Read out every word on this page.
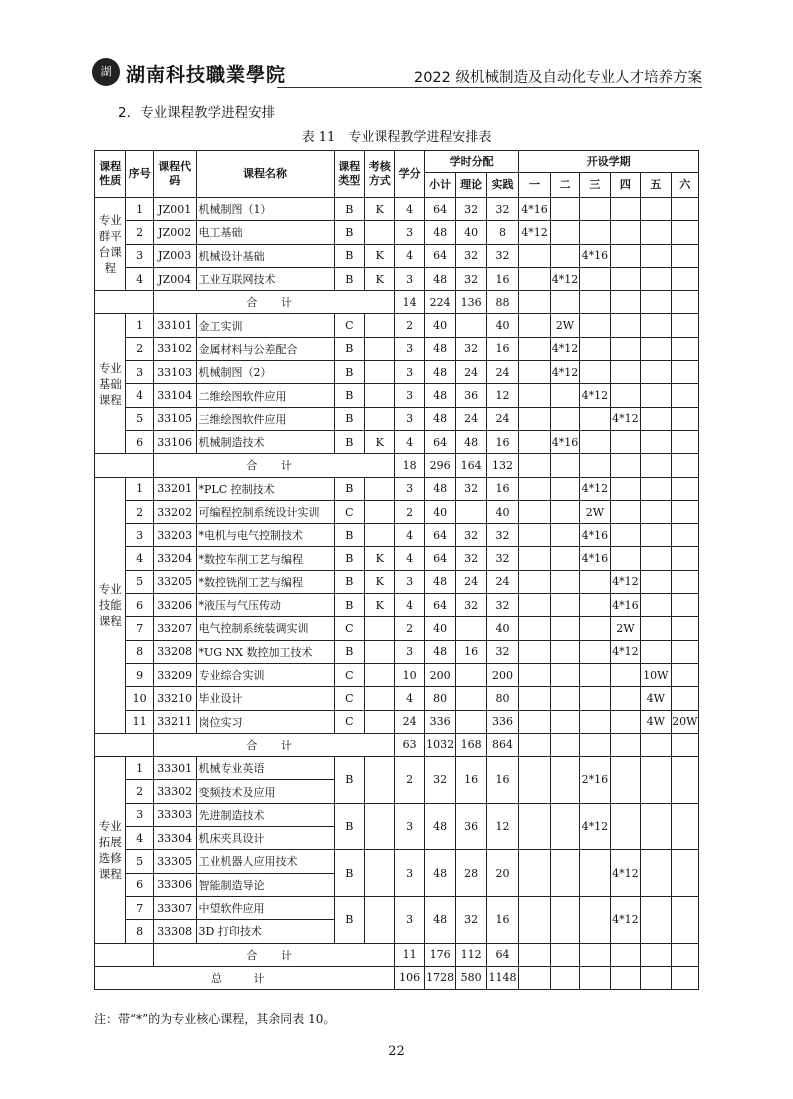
湖 湖南科技職業學院	2022 级机械制造及自动化专业人才培养方案
2．专业课程教学进程安排
表 11　专业课程教学进程安排表
课程性质	序号	课程代码	课程名称	课程类型	考核方式	学分	学时分配			开设学期					
							小计	理论	实践	一	二	三	四	五	六
专业群平台课程	1	JZ001	机械制图（1）	B	K	4	64	32	32	4*16					
	2	JZ002	电工基础	B		3	48	40	8	4*12					
	3	JZ003	机械设计基础	B	K	4	64	32	32			4*16			
	4	JZ004	工业互联网技术	B	K	3	48	32	16		4*12				
		合 计				14	224	136	88						
专业基础课程	1	33101	金工实训	C		2	40		40		2W				
	2	33102	金属材料与公差配合	B		3	48	32	16		4*12				
	3	33103	机械制图（2）	B		3	48	24	24		4*12				
	4	33104	二维绘图软件应用	B		3	48	36	12			4*12			
	5	33105	三维绘图软件应用	B		3	48	24	24				4*12		
	6	33106	机械制造技术	B	K	4	64	48	16		4*16				
		合 计				18	296	164	132						
专业技能课程	1	33201	*PLC 控制技术	B		3	48	32	16			4*12			
	2	33202	可编程控制系统设计实训	C		2	40		40			2W			
	3	33203	*电机与电气控制技术	B		4	64	32	32			4*16			
	4	33204	*数控车削工艺与编程	B	K	4	64	32	32			4*16			
	5	33205	*数控铣削工艺与编程	B	K	3	48	24	24				4*12		
	6	33206	*液压与气压传动	B	K	4	64	32	32				4*16		
	7	33207	电气控制系统装调实训	C		2	40		40				2W		
	8	33208	*UG NX 数控加工技术	B		3	48	16	32				4*12		
	9	33209	专业综合实训	C		10	200		200					10W	
	10	33210	毕业设计	C		4	80		80					4W	
	11	33211	岗位实习	C		24	336		336					4W	20W
		合 计				63	1032	168	864						
专业拓展选修课程	1	33301	机械专业英语	B		2	32	16	16			2*16			
	2	33302	变频技术及应用												
	3	33303	先进制造技术	B		3	48	36	12			4*12			
	4	33304	机床夹具设计												
	5	33305	工业机器人应用技术	B		3	48	28	20				4*12		
	6	33306	智能制造导论												
	7	33307	中望软件应用	B		3	48	32	16				4*12		
	8	33308	3D 打印技术												
		合 计				11	176	112	64						
总 计						106	1728	580	1148						
注：带“*”的为专业核心课程，其余同表 10。
22
